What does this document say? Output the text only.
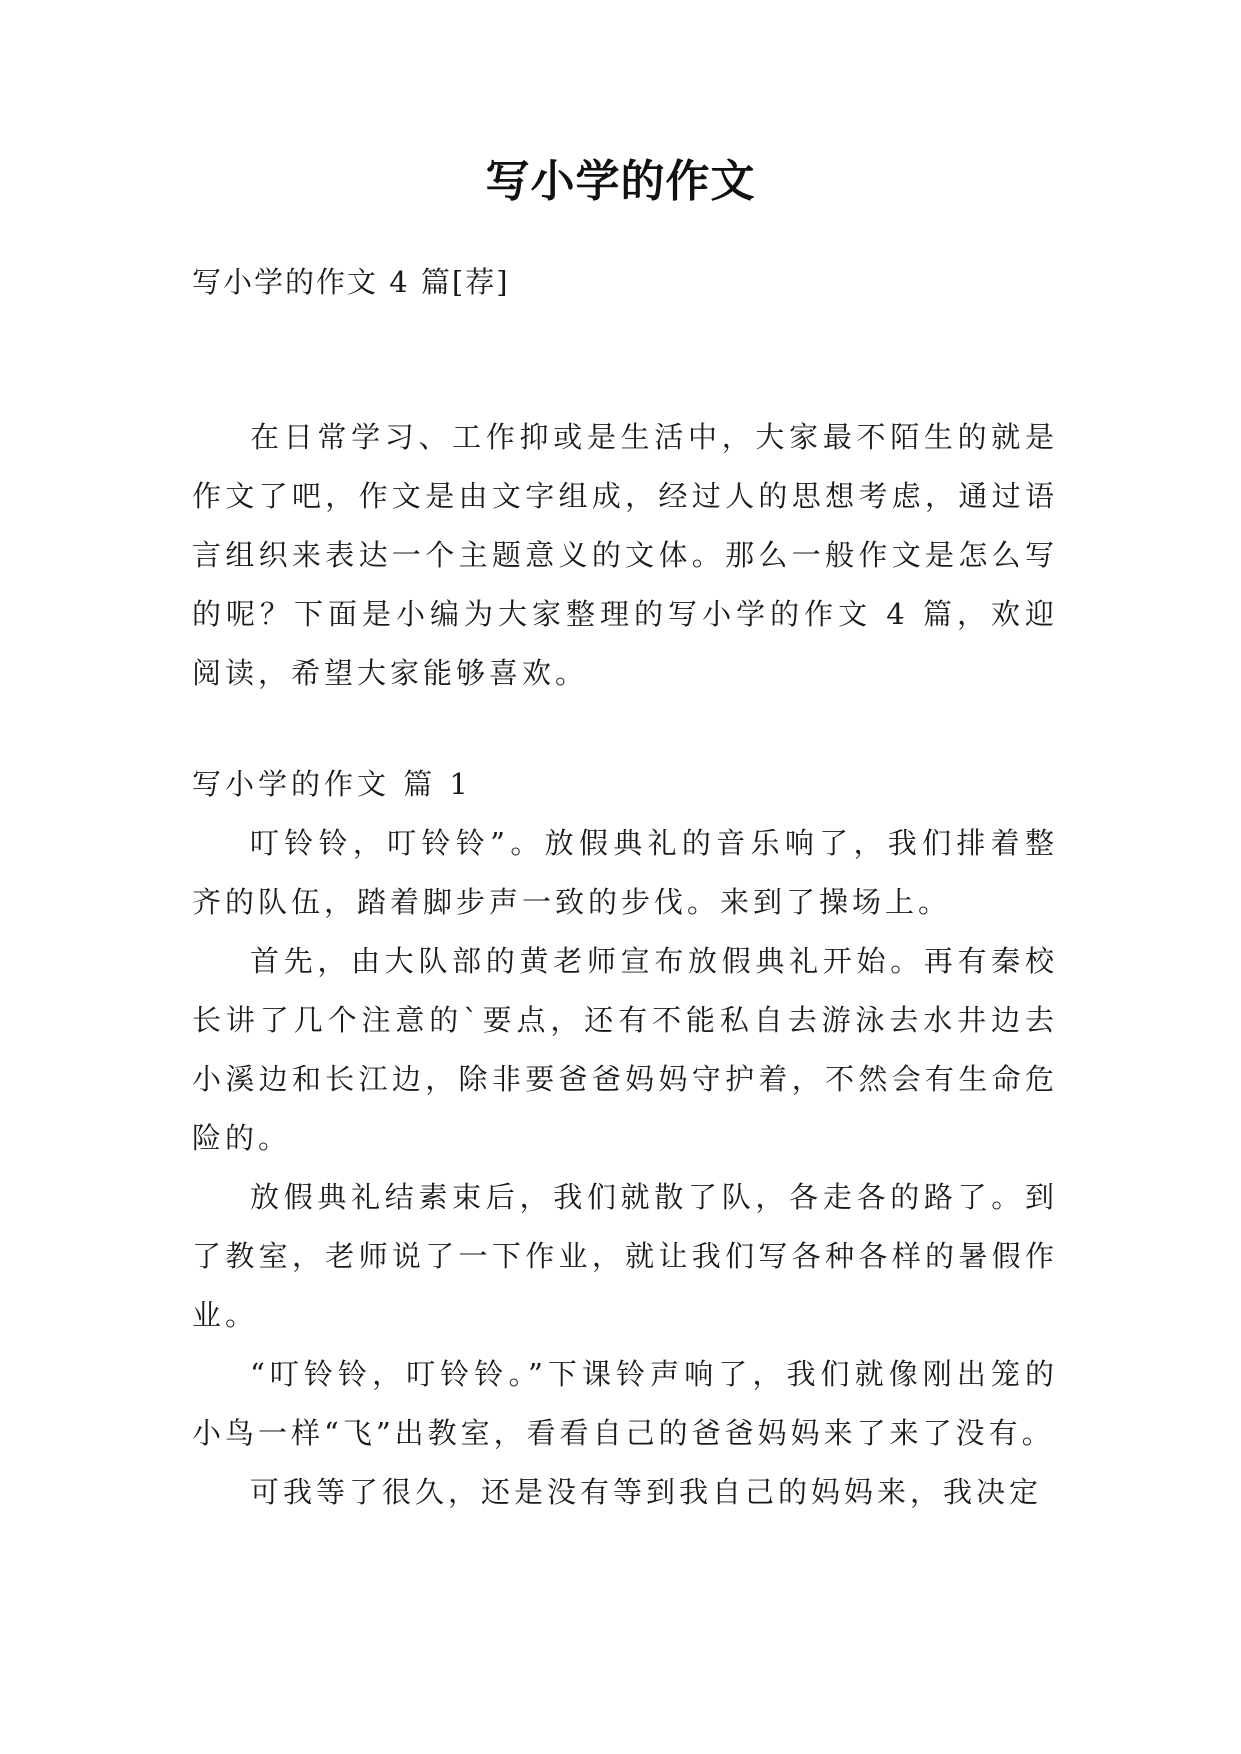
写小学的作文
写小学的作文 4 篇[荐]

在日常学习、工作抑或是生活中，大家最不陌生的就是作文了吧，作文是由文字组成，经过人的思想考虑，通过语言组织来表达一个主题意义的文体。那么一般作文是怎么写的呢？下面是小编为大家整理的写小学的作文 4 篇，欢迎阅读，希望大家能够喜欢。

写小学的作文 篇 1

叮铃铃，叮铃铃”。放假典礼的音乐响了，我们排着整齐的队伍，踏着脚步声一致的步伐。来到了操场上。

首先，由大队部的黄老师宣布放假典礼开始。再有秦校长讲了几个注意的`要点，还有不能私自去游泳去水井边去小溪边和长江边，除非要爸爸妈妈守护着，不然会有生命危险的。

放假典礼结素束后，我们就散了队，各走各的路了。到了教室，老师说了一下作业，就让我们写各种各样的暑假作业。

“叮铃铃，叮铃铃。”下课铃声响了，我们就像刚出笼的小鸟一样“飞”出教室，看看自己的爸爸妈妈来了来了没有。

可我等了很久，还是没有等到我自己的妈妈来，我决定
